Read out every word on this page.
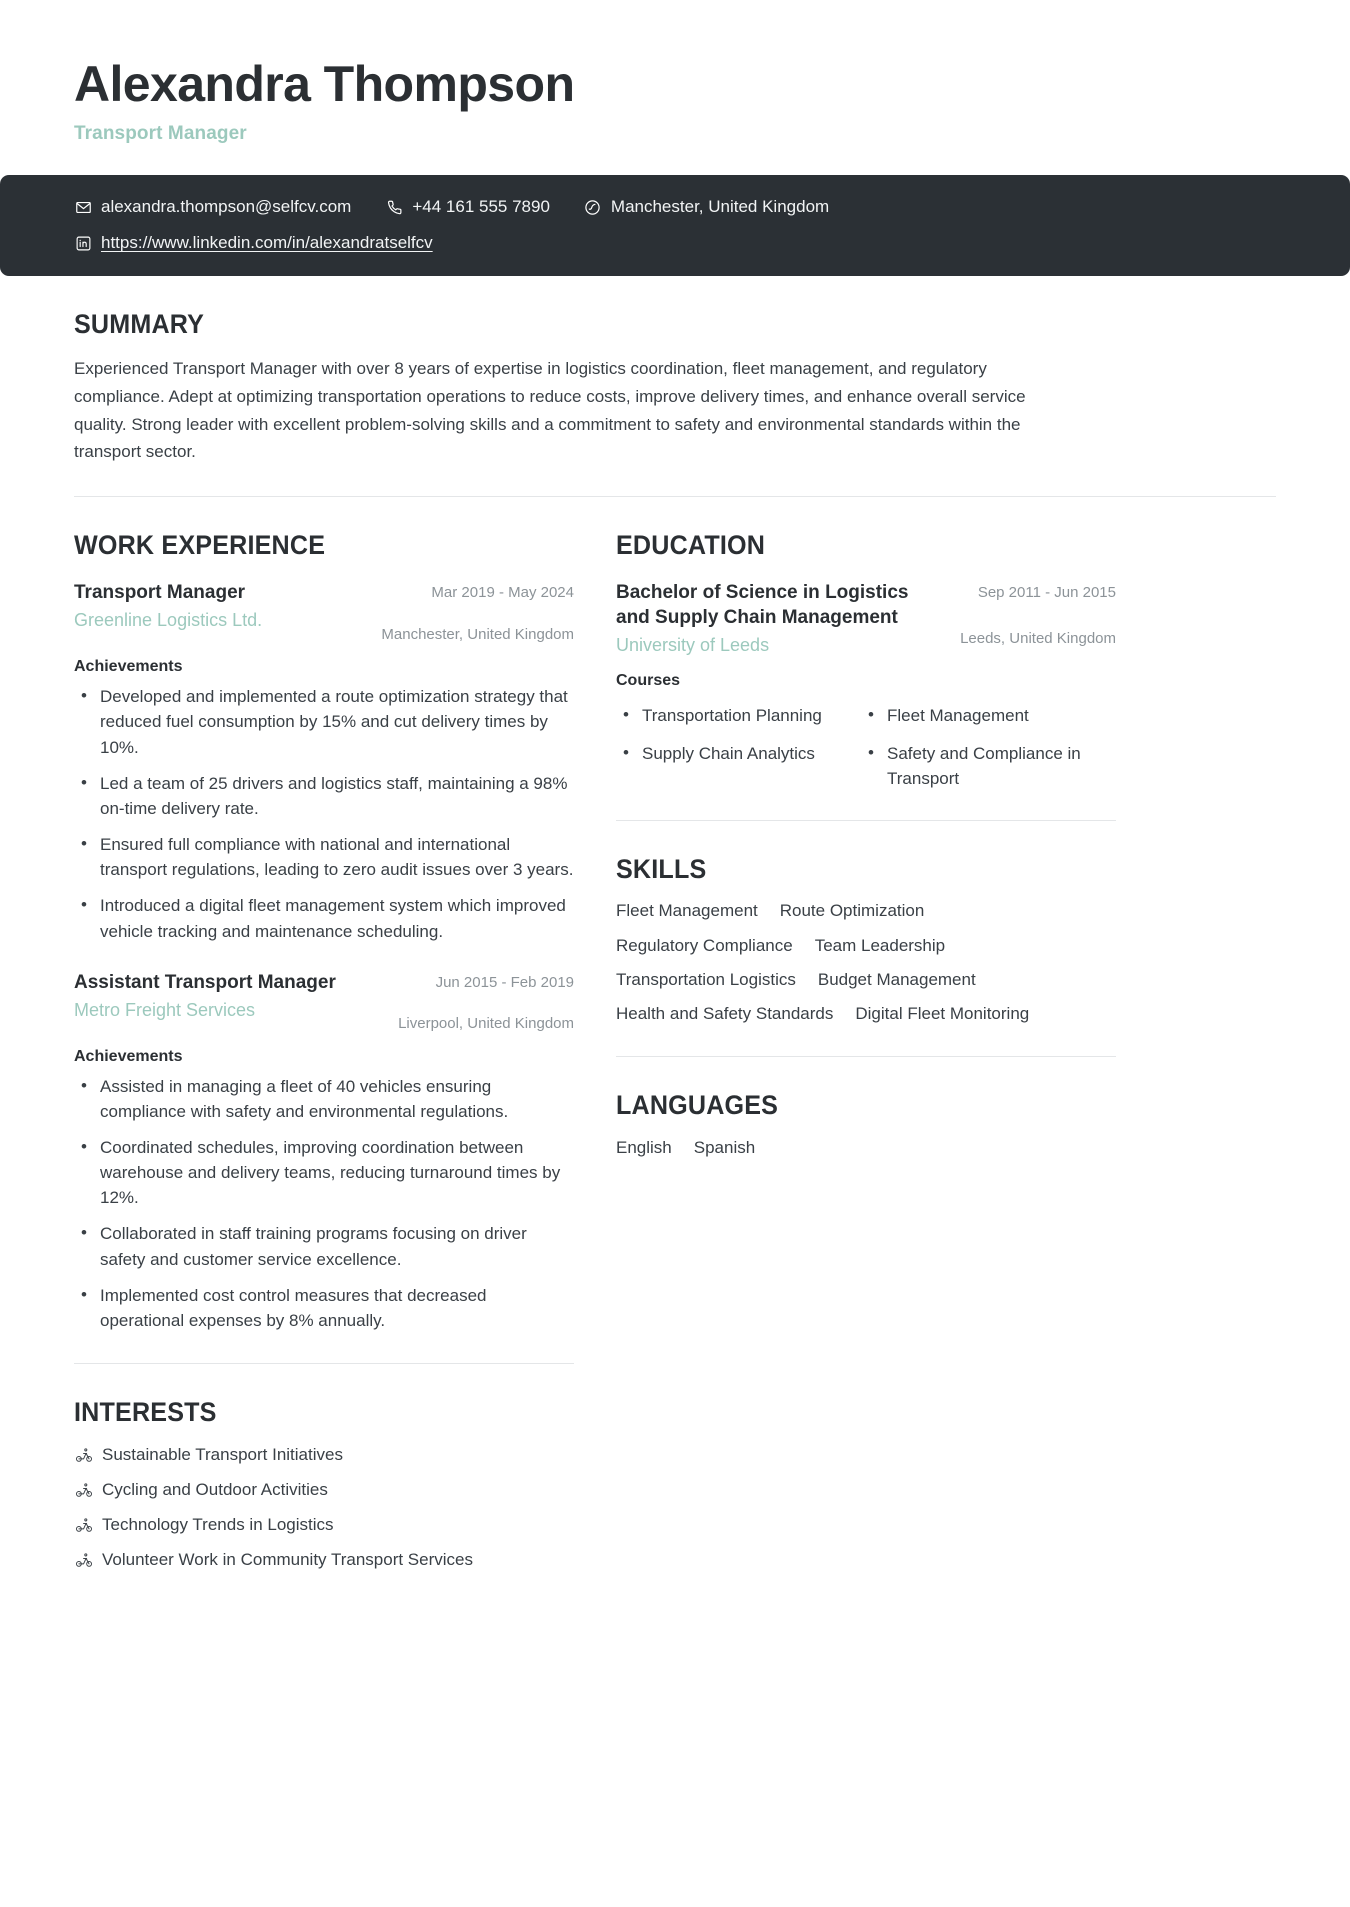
Alexandra Thompson
Transport Manager
alexandra.thompson@selfcv.com	+44 161 555 7890	Manchester, United Kingdom
https://www.linkedin.com/in/alexandratselfcv
SUMMARY

Experienced Transport Manager with over 8 years of expertise in logistics coordination, fleet management, and regulatory compliance. Adept at optimizing transportation operations to reduce costs, improve delivery times, and enhance overall service quality. Strong leader with excellent problem-solving skills and a commitment to safety and environmental standards within the transport sector.

WORK EXPERIENCE
Transport Manager
Greenline Logistics Ltd.
Mar 2019 - May 2024
Manchester, United Kingdom
Achievements
• Developed and implemented a route optimization strategy that reduced fuel consumption by 15% and cut delivery times by 10%.
• Led a team of 25 drivers and logistics staff, maintaining a 98% on-time delivery rate.
• Ensured full compliance with national and international transport regulations, leading to zero audit issues over 3 years.
• Introduced a digital fleet management system which improved vehicle tracking and maintenance scheduling.
Assistant Transport Manager
Metro Freight Services
Jun 2015 - Feb 2019
Liverpool, United Kingdom
Achievements
• Assisted in managing a fleet of 40 vehicles ensuring compliance with safety and environmental regulations.
• Coordinated schedules, improving coordination between warehouse and delivery teams, reducing turnaround times by 12%.
• Collaborated in staff training programs focusing on driver safety and customer service excellence.
• Implemented cost control measures that decreased operational expenses by 8% annually.
INTERESTS
Sustainable Transport Initiatives
Cycling and Outdoor Activities
Technology Trends in Logistics
Volunteer Work in Community Transport Services
EDUCATION
Bachelor of Science in Logistics and Supply Chain Management
University of Leeds
Sep 2011 - Jun 2015
Leeds, United Kingdom
Courses
• Transportation Planning	• Fleet Management
• Supply Chain Analytics	• Safety and Compliance in Transport
SKILLS
Fleet Management Route Optimization
Regulatory Compliance Team Leadership
Transportation Logistics Budget Management
Health and Safety Standards Digital Fleet Monitoring
LANGUAGES
English Spanish
